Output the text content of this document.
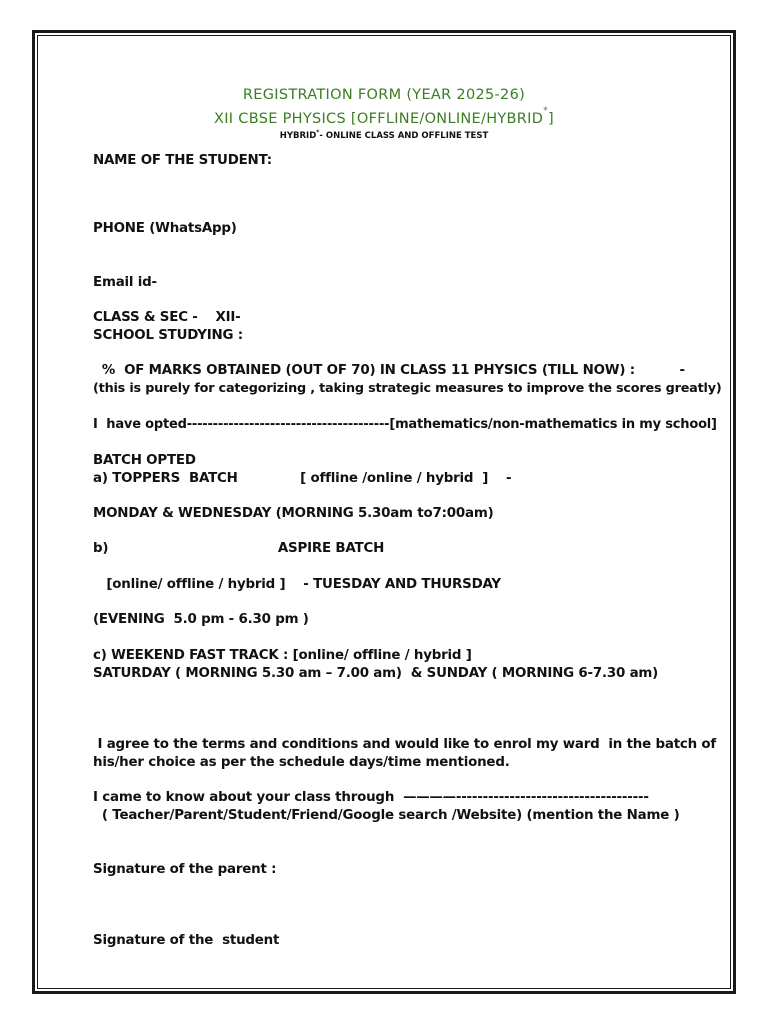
REGISTRATION FORM (YEAR 2025-26)
XII CBSE PHYSICS [OFFLINE/ONLINE/HYBRID*]
HYBRID*- ONLINE CLASS AND OFFLINE TEST
NAME OF THE STUDENT:
PHONE (WhatsApp)
Email id-
CLASS & SEC -    XII-
SCHOOL STUDYING :
%  OF MARKS OBTAINED (OUT OF 70) IN CLASS 11 PHYSICS (TILL NOW) :          -
(this is purely for categorizing , taking strategic measures to improve the scores greatly)
I  have opted---------------------------------------[mathematics/non-mathematics in my school]
BATCH OPTED
a) TOPPERS  BATCH              [ offline /online / hybrid  ]    -
MONDAY & WEDNESDAY (MORNING 5.30am to7:00am)
b)                                      ASPIRE BATCH
[online/ offline / hybrid ]    - TUESDAY AND THURSDAY
(EVENING  5.0 pm - 6.30 pm )
c) WEEKEND FAST TRACK : [online/ offline / hybrid ]
SATURDAY ( MORNING 5.30 am – 7.00 am)  & SUNDAY ( MORNING 6-7.30 am)
I agree to the terms and conditions and would like to enrol my ward  in the batch of
his/her choice as per the schedule days/time mentioned.
I came to know about your class through  ————------------------------------------
( Teacher/Parent/Student/Friend/Google search /Website) (mention the Name )
Signature of the parent :
Signature of the  student
